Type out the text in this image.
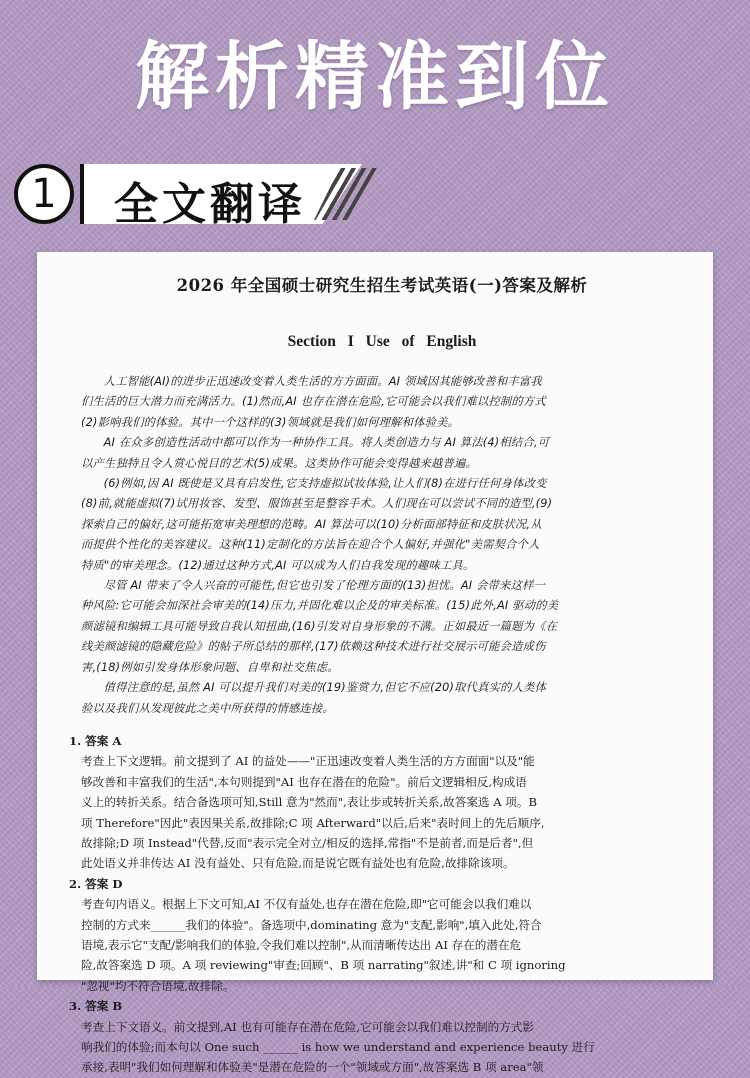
解析精准到位
1	全文翻译
2026 年全国硕士研究生招生考试英语(一)答案及解析
Section I Use of English

人工智能(AI)的进步正迅速改变着人类生活的方方面面。AI 领域因其能够改善和丰富我

们生活的巨大潜力而充满活力。(1)然而,AI 也存在潜在危险,它可能会以我们难以控制的方式

(2)影响我们的体验。其中一个这样的(3)领域就是我们如何理解和体验美。

AI 在众多创造性活动中都可以作为一种协作工具。将人类创造力与 AI 算法(4)相结合,可

以产生独特且令人赏心悦目的艺术(5)成果。这类协作可能会变得越来越普遍。

(6)例如,因 AI 既使是又具有启发性,它支持虚拟试妆体验,让人们(8)在进行任何身体改变

(8)前,就能虚拟(7)试用妆容、发型、服饰甚至是整容手术。人们现在可以尝试不同的造型,(9)

探索自己的偏好,这可能拓宽审美理想的范畴。AI 算法可以(10)分析面部特征和皮肤状况,从

而提供个性化的美容建议。这种(11)定制化的方法旨在迎合个人偏好,并强化"美需契合个人

特质"的审美理念。(12)通过这种方式,AI 可以成为人们自我发现的趣味工具。

尽管 AI 带来了令人兴奋的可能性,但它也引发了伦理方面的(13)担忧。AI 会带来这样一

种风险:它可能会加深社会审美的(14)压力,并固化难以企及的审美标准。(15)此外,AI 驱动的美

颜滤镜和编辑工具可能导致自我认知扭曲,(16)引发对自身形象的不满。正如最近一篇题为《在

线美颜滤镜的隐藏危险》的帖子所总结的那样,(17)依赖这种技术进行社交展示可能会造成伤

害,(18)例如引发身体形象问题、自卑和社交焦虑。

值得注意的是,虽然 AI 可以提升我们对美的(19)鉴赏力,但它不应(20)取代真实的人类体

验以及我们从发现彼此之美中所获得的情感连接。

1. 答案 A
考查上下文逻辑。前文提到了 AI 的益处——"正迅速改变着人类生活的方方面面"以及"能
够改善和丰富我们的生活",本句则提到"AI 也存在潜在的危险"。前后文逻辑相反,构成语
义上的转折关系。结合备选项可知,Still 意为"然而",表让步或转折关系,故答案选 A 项。B
项 Therefore"因此"表因果关系,故排除;C 项 Afterward"以后,后来"表时间上的先后顺序,
故排除;D 项 Instead"代替,反而"表示完全对立/相反的选择,常指"不是前者,而是后者",但
此处语义并非传达 AI 没有益处、只有危险,而是说它既有益处也有危险,故排除该项。
2. 答案 D
考查句内语义。根据上下文可知,AI 不仅有益处,也存在潜在危险,即"它可能会以我们难以
控制的方式来______我们的体验"。备选项中,dominating 意为"支配,影响",填入此处,符合
语境,表示它"支配/影响我们的体验,令我们难以控制",从而清晰传达出 AI 存在的潜在危
险,故答案选 D 项。A 项 reviewing"审查;回顾"、B 项 narrating"叙述,讲"和 C 项 ignoring
"忽视"均不符合语境,故排除。
3. 答案 B
考查上下文语义。前文提到,AI 也有可能存在潜在危险,它可能会以我们难以控制的方式影
响我们的体验;而本句以 One such ______ is how we understand and experience beauty 进行
承接,表明"我们如何理解和体验美"是潜在危险的一个"领域或方面",故答案选 B 项 area"领
